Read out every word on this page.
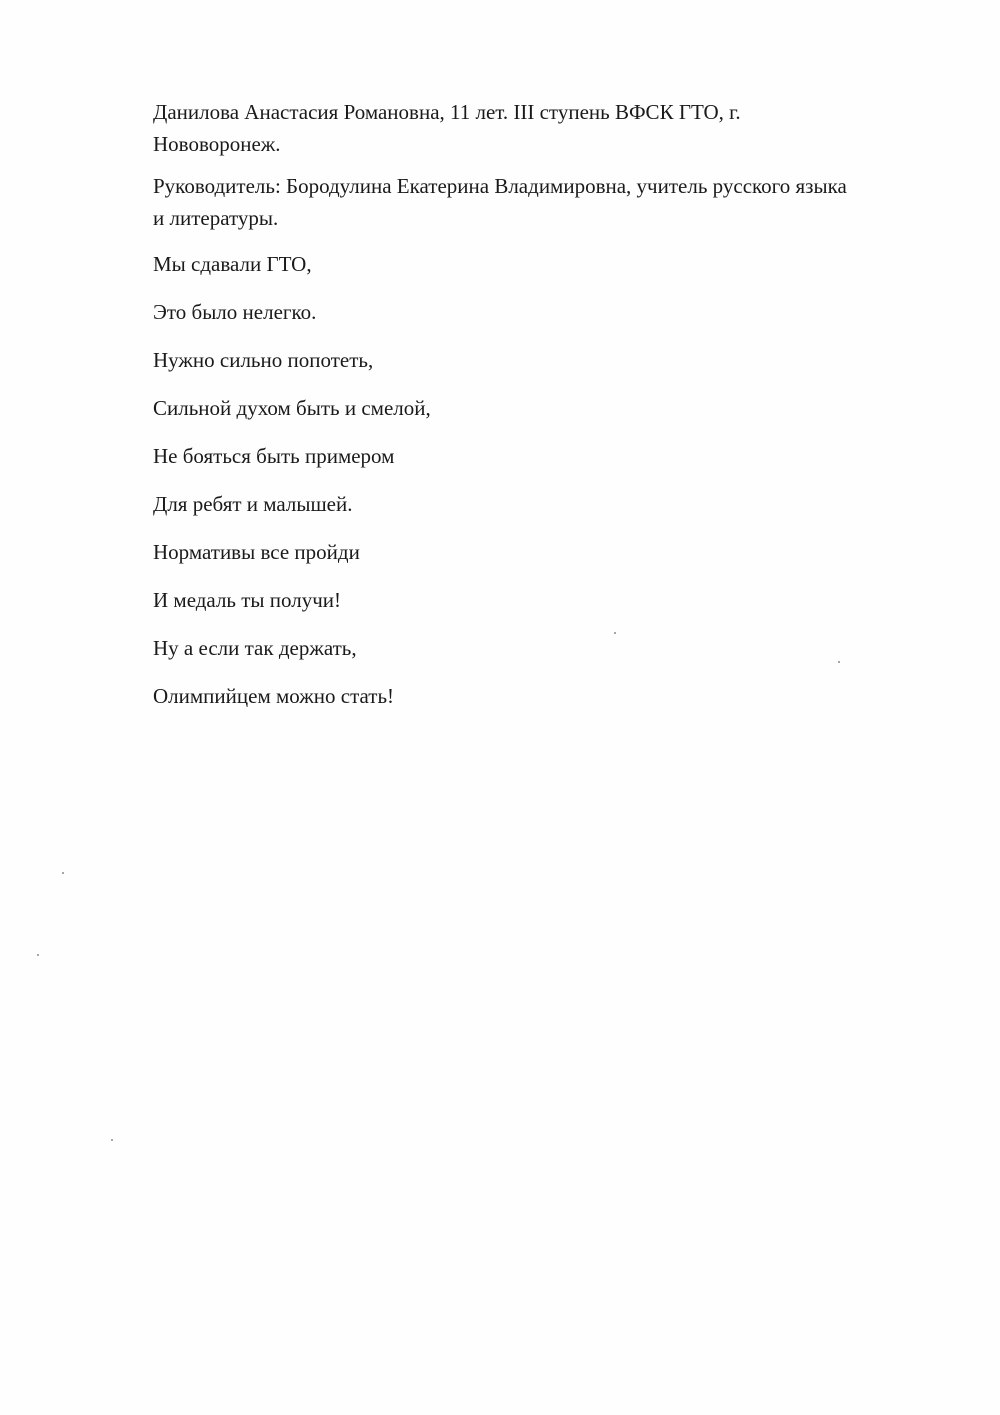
Данилова Анастасия Романовна, 11 лет. III ступень ВФСК ГТО, г.

Нововоронеж.

Руководитель: Бородулина Екатерина Владимировна, учитель русского языка

и литературы.

Мы сдавали ГТО,

Это было нелегко.

Нужно сильно попотеть,

Сильной духом быть и смелой,

Не бояться быть примером

Для ребят и малышей.

Нормативы все пройди

И медаль ты получи!

Ну а если так держать,

Олимпийцем можно стать!
